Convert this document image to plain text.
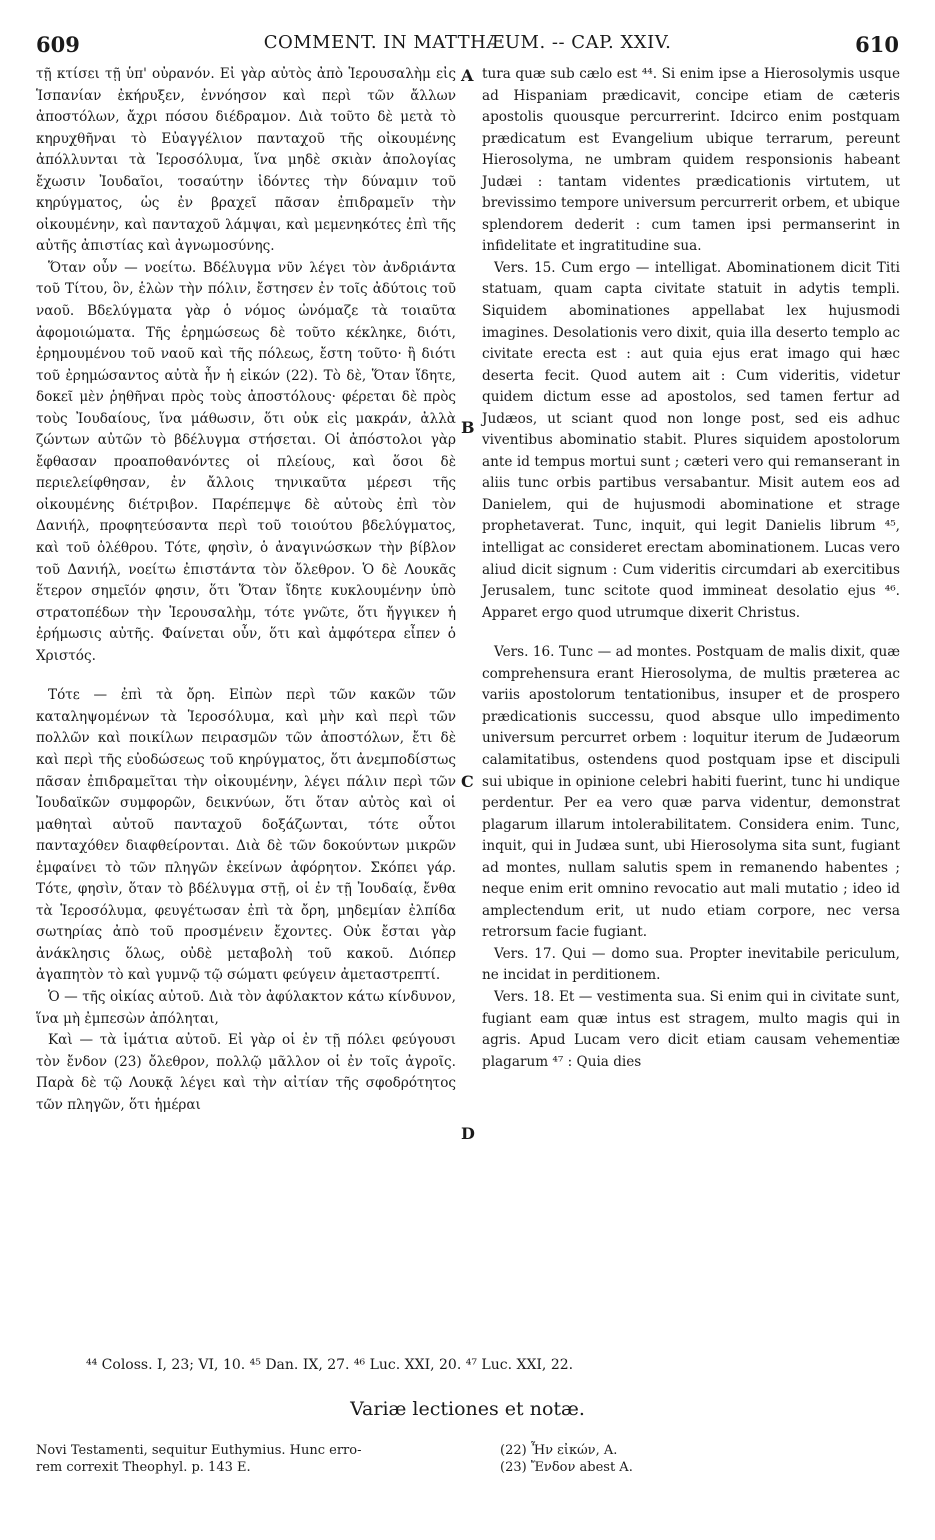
609	COMMENT. IN MATTHÆUM. -- CAP. XXIV.	610

τῇ κτίσει τῇ ὑπ' οὐρανόν. Εἰ γὰρ αὐτὸς ἀπὸ Ἱερουσαλὴμ εἰς Ἱσπανίαν ἐκήρυξεν, ἐννόησον καὶ περὶ τῶν ἄλλων ἀποστόλων, ἄχρι πόσου διέδραμον. Διὰ τοῦτο δὲ μετὰ τὸ κηρυχθῆναι τὸ Εὐαγγέλιον πανταχοῦ τῆς οἰκουμένης ἀπόλλυνται τὰ Ἱεροσόλυμα, ἵνα μηδὲ σκιὰν ἀπολογίας ἔχωσιν Ἰουδαῖοι, τοσαύτην ἰδόντες τὴν δύναμιν τοῦ κηρύγματος, ὡς ἐν βραχεῖ πᾶσαν ἐπιδραμεῖν τὴν οἰκουμένην, καὶ πανταχοῦ λάμψαι, καὶ μεμενηκότες ἐπὶ τῆς αὐτῆς ἀπιστίας καὶ ἀγνωμοσύνης.

Ὅταν οὖν — νοείτω. Βδέλυγμα νῦν λέγει τὸν ἀνδριάντα τοῦ Τίτου, ὃν, ἑλὼν τὴν πόλιν, ἔστησεν ἐν τοῖς ἀδύτοις τοῦ ναοῦ. Βδελύγματα γὰρ ὁ νόμος ὠνόμαζε τὰ τοιαῦτα ἀφομοιώματα. Τῆς ἐρημώσεως δὲ τοῦτο κέκληκε, διότι, ἐρημουμένου τοῦ ναοῦ καὶ τῆς πόλεως, ἔστη τοῦτο· ἢ διότι τοῦ ἐρημώσαντος αὐτὰ ἦν ἡ εἰκών (22). Τὸ δὲ, Ὅταν ἴδητε, δοκεῖ μὲν ῥηθῆναι πρὸς τοὺς ἀποστόλους· φέρεται δὲ πρὸς τοὺς Ἰουδαίους, ἵνα μάθωσιν, ὅτι οὐκ εἰς μακράν, ἀλλὰ ζώντων αὐτῶν τὸ βδέλυγμα στήσεται. Οἱ ἀπόστολοι γὰρ ἔφθασαν προαποθανόντες οἱ πλείους, καὶ ὅσοι δὲ περιελείφθησαν, ἐν ἄλλοις τηνικαῦτα μέρεσι τῆς οἰκουμένης διέτριβον. Παρέπεμψε δὲ αὐτοὺς ἐπὶ τὸν Δανιήλ, προφητεύσαντα περὶ τοῦ τοιούτου βδελύγματος, καὶ τοῦ ὀλέθρου. Τότε, φησὶν, ὁ ἀναγινώσκων τὴν βίβλον τοῦ Δανιήλ, νοείτω ἐπιστάντα τὸν ὄλεθρον. Ὁ δὲ Λουκᾶς ἕτερον σημεῖόν φησιν, ὅτι Ὅταν ἴδητε κυκλουμένην ὑπὸ στρατοπέδων τὴν Ἱερουσαλὴμ, τότε γνῶτε, ὅτι ἤγγικεν ἡ ἐρήμωσις αὐτῆς. Φαίνεται οὖν, ὅτι καὶ ἀμφότερα εἶπεν ὁ Χριστός.

Τότε — ἐπὶ τὰ ὄρη. Εἰπὼν περὶ τῶν κακῶν τῶν καταληψομένων τὰ Ἱεροσόλυμα, καὶ μὴν καὶ περὶ τῶν πολλῶν καὶ ποικίλων πειρασμῶν τῶν ἀποστόλων, ἔτι δὲ καὶ περὶ τῆς εὐοδώσεως τοῦ κηρύγματος, ὅτι ἀνεμποδίστως πᾶσαν ἐπιδραμεῖται τὴν οἰκουμένην, λέγει πάλιν περὶ τῶν Ἰουδαϊκῶν συμφορῶν, δεικνύων, ὅτι ὅταν αὐτὸς καὶ οἱ μαθηταὶ αὐτοῦ πανταχοῦ δοξάζωνται, τότε οὗτοι πανταχόθεν διαφθείρονται. Διὰ δὲ τῶν δοκούντων μικρῶν ἐμφαίνει τὸ τῶν πληγῶν ἐκείνων ἀφόρητον. Σκόπει γάρ. Τότε, φησὶν, ὅταν τὸ βδέλυγμα στῇ, οἱ ἐν τῇ Ἰουδαίᾳ, ἔνθα τὰ Ἱεροσόλυμα, φευγέτωσαν ἐπὶ τὰ ὄρη, μηδεμίαν ἐλπίδα σωτηρίας ἀπὸ τοῦ προσμένειν ἔχοντες. Οὐκ ἔσται γὰρ ἀνάκλησις ὅλως, οὐδὲ μεταβολὴ τοῦ κακοῦ. Διόπερ ἀγαπητὸν τὸ καὶ γυμνῷ τῷ σώματι φεύγειν ἀμεταστρεπτί.

Ὁ — τῆς οἰκίας αὐτοῦ. Διὰ τὸν ἀφύλακτον κάτω κίνδυνον, ἵνα μὴ ἐμπεσὼν ἀπόληται,

Καὶ — τὰ ἱμάτια αὐτοῦ. Εἰ γὰρ οἱ ἐν τῇ πόλει φεύγουσι τὸν ἔνδον (23) ὄλεθρον, πολλῷ μᾶλλον οἱ ἐν τοῖς ἀγροῖς. Παρὰ δὲ τῷ Λουκᾷ λέγει καὶ τὴν αἰτίαν τῆς σφοδρότητος τῶν πληγῶν, ὅτι ἡμέραι

A
B
C
D

tura quæ sub cælo est ⁴⁴. Si enim ipse a Hierosolymis usque ad Hispaniam prædicavit, concipe etiam de cæteris apostolis quousque percurrerint. Idcirco enim postquam prædicatum est Evangelium ubique terrarum, pereunt Hierosolyma, ne umbram quidem responsionis habeant Judæi : tantam videntes prædicationis virtutem, ut brevissimo tempore universum percurrerit orbem, et ubique splendorem dederit : cum tamen ipsi permanserint in infidelitate et ingratitudine sua.

Vers. 15. Cum ergo — intelligat. Abominationem dicit Titi statuam, quam capta civitate statuit in adytis templi. Siquidem abominationes appellabat lex hujusmodi imagines. Desolationis vero dixit, quia illa deserto templo ac civitate erecta est : aut quia ejus erat imago qui hæc deserta fecit. Quod autem ait : Cum videritis, videtur quidem dictum esse ad apostolos, sed tamen fertur ad Judæos, ut sciant quod non longe post, sed eis adhuc viventibus abominatio stabit. Plures siquidem apostolorum ante id tempus mortui sunt ; cæteri vero qui remanserant in aliis tunc orbis partibus versabantur. Misit autem eos ad Danielem, qui de hujusmodi abominatione et strage prophetaverat. Tunc, inquit, qui legit Danielis librum ⁴⁵, intelligat ac consideret erectam abominationem. Lucas vero aliud dicit signum : Cum videritis circumdari ab exercitibus Jerusalem, tunc scitote quod immineat desolatio ejus ⁴⁶. Apparet ergo quod utrumque dixerit Christus.

Vers. 16. Tunc — ad montes. Postquam de malis dixit, quæ comprehensura erant Hierosolyma, de multis præterea ac variis apostolorum tentationibus, insuper et de prospero prædicationis successu, quod absque ullo impedimento universum percurret orbem : loquitur iterum de Judæorum calamitatibus, ostendens quod postquam ipse et discipuli sui ubique in opinione celebri habiti fuerint, tunc hi undique perdentur. Per ea vero quæ parva videntur, demonstrat plagarum illarum intolerabilitatem. Considera enim. Tunc, inquit, qui in Judæa sunt, ubi Hierosolyma sita sunt, fugiant ad montes, nullam salutis spem in remanendo habentes ; neque enim erit omnino revocatio aut mali mutatio ; ideo id amplectendum erit, ut nudo etiam corpore, nec versa retrorsum facie fugiant.

Vers. 17. Qui — domo sua. Propter inevitabile periculum, ne incidat in perditionem.

Vers. 18. Et — vestimenta sua. Si enim qui in civitate sunt, fugiant eam quæ intus est stragem, multo magis qui in agris. Apud Lucam vero dicit etiam causam vehementiæ plagarum ⁴⁷ : Quia dies

⁴⁴ Coloss. I, 23; VI, 10. ⁴⁵ Dan. IX, 27. ⁴⁶ Luc. XXI, 20. ⁴⁷ Luc. XXI, 22.
Variæ lectiones et notæ.
Novi Testamenti, sequitur Euthymius. Hunc erro-
rem correxit Theophyl. p. 143 E.
(22) Ἦν εἰκών, A.
(23) Ἔνδον abest A.
